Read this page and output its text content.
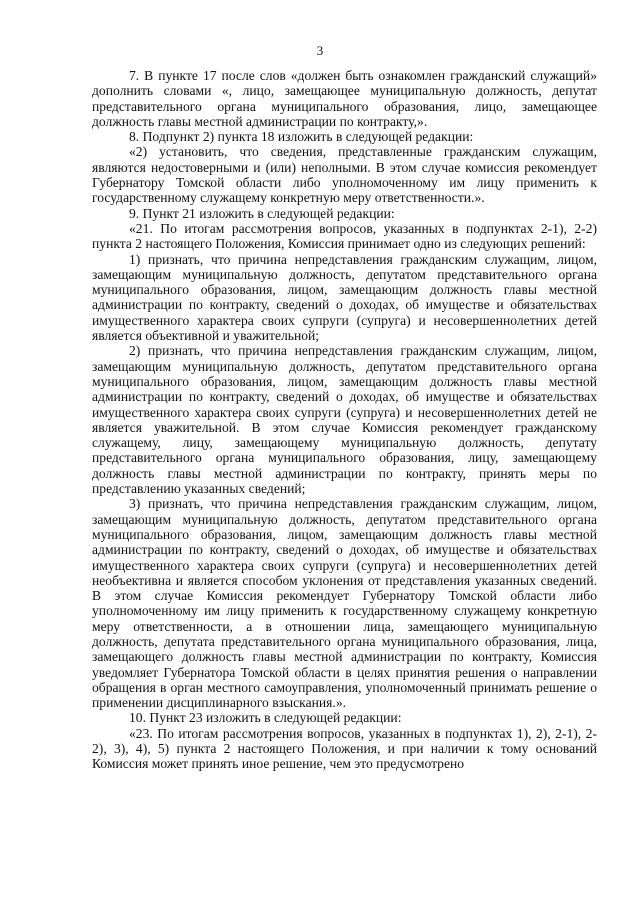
3

7. В пункте 17 после слов «должен быть ознакомлен гражданский служащий» дополнить словами «, лицо, замещающее муниципальную должность, депутат представительного органа муниципального образования, лицо, замещающее должность главы местной администрации по контракту,».

8. Подпункт 2) пункта 18 изложить в следующей редакции:

«2) установить, что сведения, представленные гражданским служащим, являются недостоверными и (или) неполными. В этом случае комиссия рекомендует Губернатору Томской области либо уполномоченному им лицу применить к государственному служащему конкретную меру ответственности.».

9. Пункт 21 изложить в следующей редакции:

«21. По итогам рассмотрения вопросов, указанных в подпунктах 2-1), 2-2) пункта 2 настоящего Положения, Комиссия принимает одно из следующих решений:

1) признать, что причина непредставления гражданским служащим, лицом, замещающим муниципальную должность, депутатом представительного органа муниципального образования, лицом, замещающим должность главы местной администрации по контракту, сведений о доходах, об имуществе и обязательствах имущественного характера своих супруги (супруга) и несовершеннолетних детей является объективной и уважительной;

2) признать, что причина непредставления гражданским служащим, лицом, замещающим муниципальную должность, депутатом представительного органа муниципального образования, лицом, замещающим должность главы местной администрации по контракту, сведений о доходах, об имуществе и обязательствах имущественного характера своих супруги (супруга) и несовершеннолетних детей не является уважительной. В этом случае Комиссия рекомендует гражданскому служащему, лицу, замещающему муниципальную должность, депутату представительного органа муниципального образования, лицу, замещающему должность главы местной администрации по контракту, принять меры по представлению указанных сведений;

3) признать, что причина непредставления гражданским служащим, лицом, замещающим муниципальную должность, депутатом представительного органа муниципального образования, лицом, замещающим должность главы местной администрации по контракту, сведений о доходах, об имуществе и обязательствах имущественного характера своих супруги (супруга) и несовершеннолетних детей необъективна и является способом уклонения от представления указанных сведений. В этом случае Комиссия рекомендует Губернатору Томской области либо уполномоченному им лицу применить к государственному служащему конкретную меру ответственности, а в отношении лица, замещающего муниципальную должность, депутата представительного органа муниципального образования, лица, замещающего должность главы местной администрации по контракту, Комиссия уведомляет Губернатора Томской области в целях принятия решения о направлении обращения в орган местного самоуправления, уполномоченный принимать решение о применении дисциплинарного взыскания.».

10. Пункт 23 изложить в следующей редакции:

«23. По итогам рассмотрения вопросов, указанных в подпунктах 1), 2), 2-1), 2-2), 3), 4), 5) пункта 2 настоящего Положения, и при наличии к тому оснований Комиссия может принять иное решение, чем это предусмотрено
